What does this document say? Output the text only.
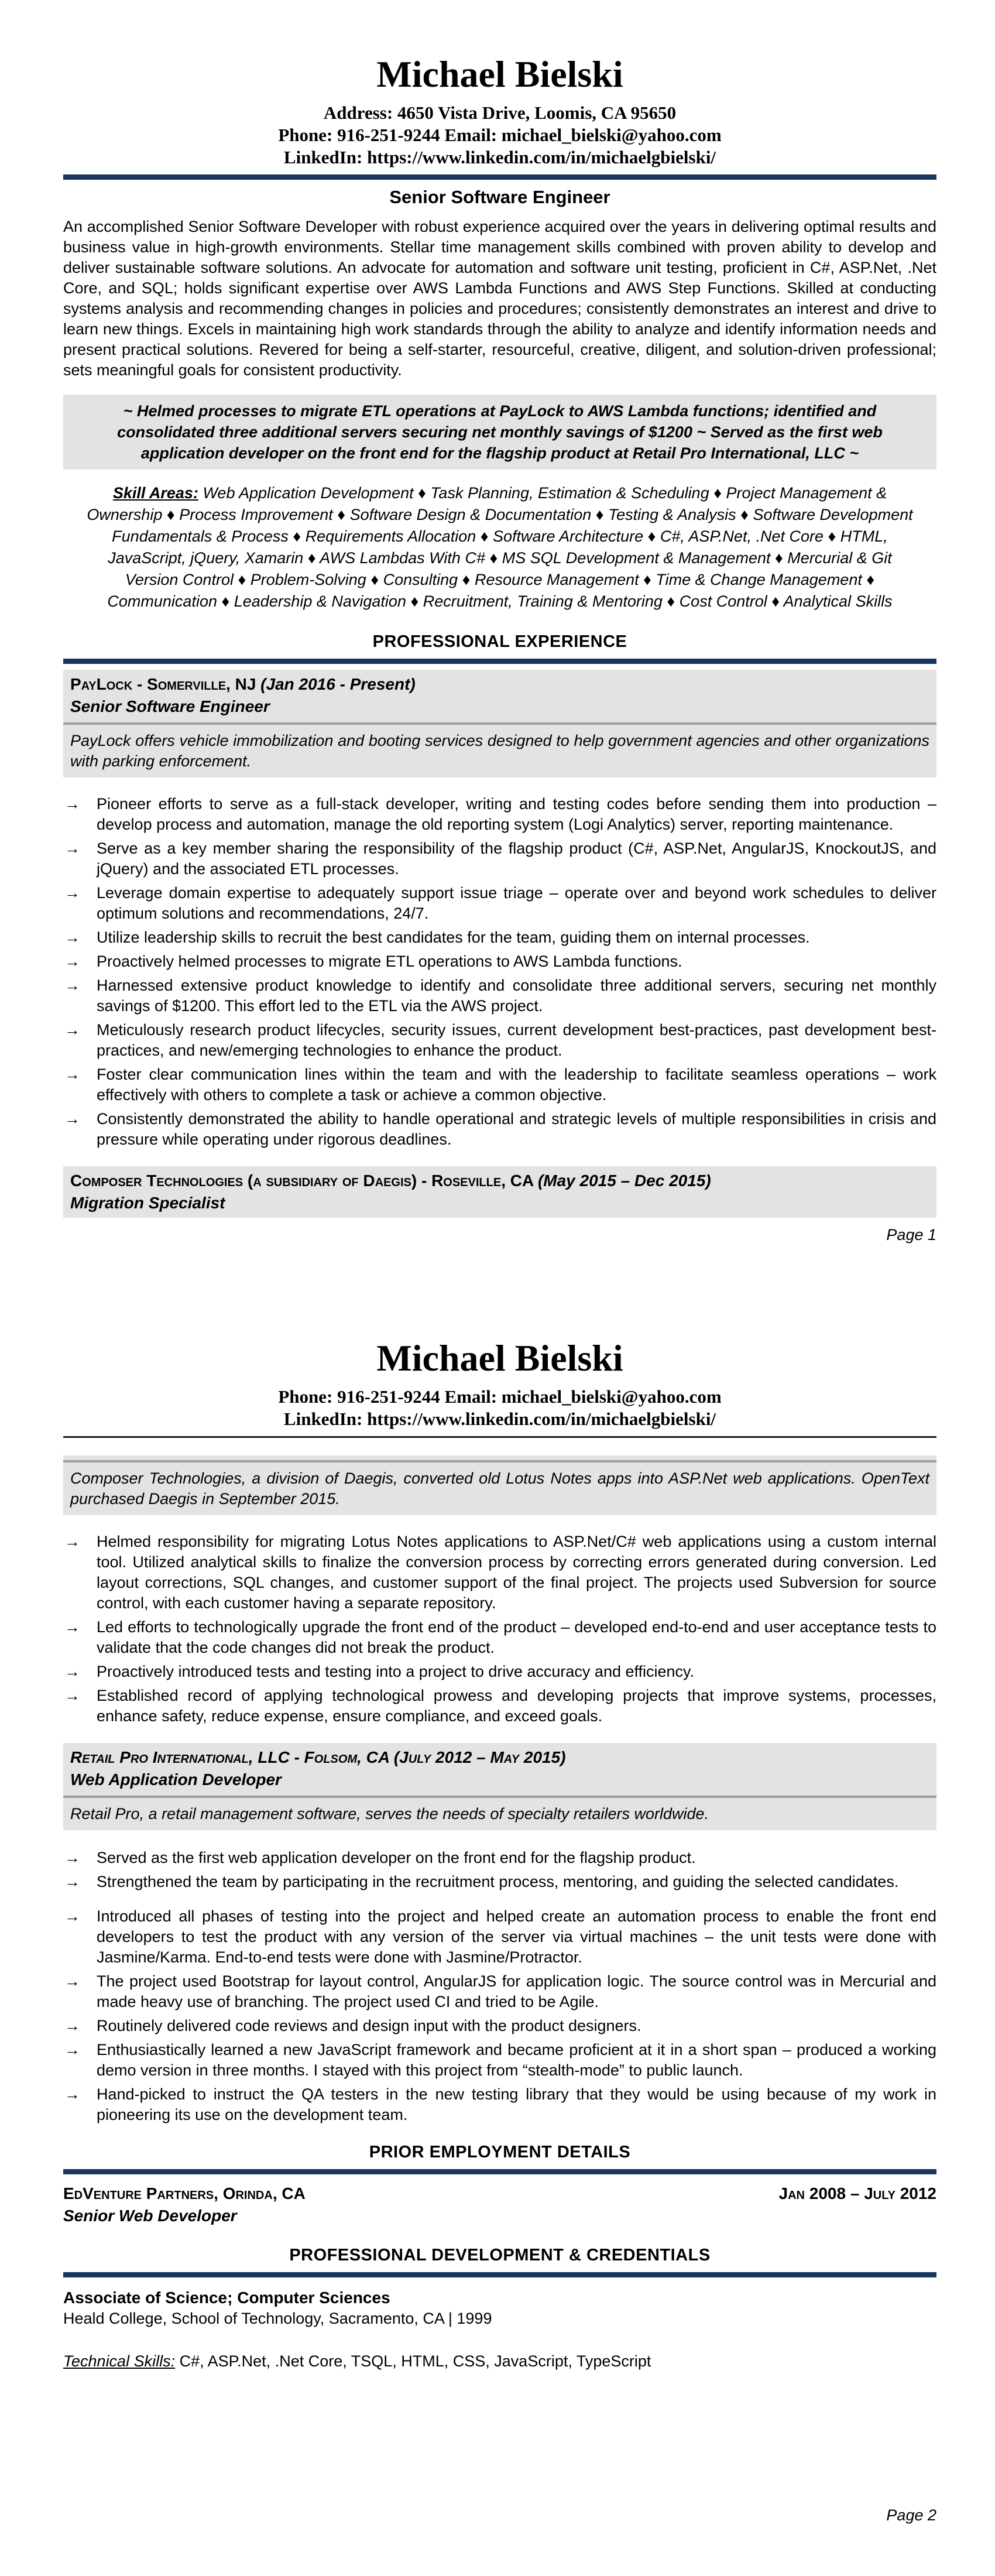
Michael Bielski
Address: 4650 Vista Drive, Loomis, CA 95650
Phone: 916-251-9244 Email: michael_bielski@yahoo.com
LinkedIn: https://www.linkedin.com/in/michaelgbielski/
Senior Software Engineer
An accomplished Senior Software Developer with robust experience acquired over the years in delivering optimal results and business value in high-growth environments. Stellar time management skills combined with proven ability to develop and deliver sustainable software solutions. An advocate for automation and software unit testing, proficient in C#, ASP.Net, .Net Core, and SQL; holds significant expertise over AWS Lambda Functions and AWS Step Functions. Skilled at conducting systems analysis and recommending changes in policies and procedures; consistently demonstrates an interest and drive to learn new things. Excels in maintaining high work standards through the ability to analyze and identify information needs and present practical solutions. Revered for being a self-starter, resourceful, creative, diligent, and solution-driven professional; sets meaningful goals for consistent productivity.
~ Helmed processes to migrate ETL operations at PayLock to AWS Lambda functions; identified and consolidated three additional servers securing net monthly savings of $1200 ~ Served as the first web application developer on the front end for the flagship product at Retail Pro International, LLC ~
Skill Areas: Web Application Development ♦ Task Planning, Estimation & Scheduling ♦ Project Management & Ownership ♦ Process Improvement ♦ Software Design & Documentation ♦ Testing & Analysis ♦ Software Development Fundamentals & Process ♦ Requirements Allocation ♦ Software Architecture ♦ C#, ASP.Net, .Net Core ♦ HTML, JavaScript, jQuery, Xamarin ♦ AWS Lambdas With C# ♦ MS SQL Development & Management ♦ Mercurial & Git Version Control ♦ Problem-Solving ♦ Consulting ♦ Resource Management ♦ Time & Change Management ♦ Communication ♦ Leadership & Navigation ♦ Recruitment, Training & Mentoring ♦ Cost Control ♦ Analytical Skills
PROFESSIONAL EXPERIENCE
PayLock - Somerville, NJ (Jan 2016 - Present)
Senior Software Engineer
PayLock offers vehicle immobilization and booting services designed to help government agencies and other organizations with parking enforcement.
→ Pioneer efforts to serve as a full-stack developer, writing and testing codes before sending them into production – develop process and automation, manage the old reporting system (Logi Analytics) server, reporting maintenance.
→ Serve as a key member sharing the responsibility of the flagship product (C#, ASP.Net, AngularJS, KnockoutJS, and jQuery) and the associated ETL processes.
→ Leverage domain expertise to adequately support issue triage – operate over and beyond work schedules to deliver optimum solutions and recommendations, 24/7.
→ Utilize leadership skills to recruit the best candidates for the team, guiding them on internal processes.
→ Proactively helmed processes to migrate ETL operations to AWS Lambda functions.
→ Harnessed extensive product knowledge to identify and consolidate three additional servers, securing net monthly savings of $1200. This effort led to the ETL via the AWS project.
→ Meticulously research product lifecycles, security issues, current development best-practices, past development best-practices, and new/emerging technologies to enhance the product.
→ Foster clear communication lines within the team and with the leadership to facilitate seamless operations – work effectively with others to complete a task or achieve a common objective.
→ Consistently demonstrated the ability to handle operational and strategic levels of multiple responsibilities in crisis and pressure while operating under rigorous deadlines.
Composer Technologies (a subsidiary of Daegis) - Roseville, CA (May 2015 – Dec 2015)
Migration Specialist
Page 1
Michael Bielski
Phone: 916-251-9244 Email: michael_bielski@yahoo.com
LinkedIn: https://www.linkedin.com/in/michaelgbielski/
Composer Technologies, a division of Daegis, converted old Lotus Notes apps into ASP.Net web applications. OpenText purchased Daegis in September 2015.
→ Helmed responsibility for migrating Lotus Notes applications to ASP.Net/C# web applications using a custom internal tool. Utilized analytical skills to finalize the conversion process by correcting errors generated during conversion. Led layout corrections, SQL changes, and customer support of the final project. The projects used Subversion for source control, with each customer having a separate repository.
→ Led efforts to technologically upgrade the front end of the product – developed end-to-end and user acceptance tests to validate that the code changes did not break the product.
→ Proactively introduced tests and testing into a project to drive accuracy and efficiency.
→ Established record of applying technological prowess and developing projects that improve systems, processes, enhance safety, reduce expense, ensure compliance, and exceed goals.
Retail Pro International, LLC - Folsom, CA (July 2012 – May 2015)
Web Application Developer
Retail Pro, a retail management software, serves the needs of specialty retailers worldwide.
→ Served as the first web application developer on the front end for the flagship product.
→ Strengthened the team by participating in the recruitment process, mentoring, and guiding the selected candidates.
→ Introduced all phases of testing into the project and helped create an automation process to enable the front end developers to test the product with any version of the server via virtual machines – the unit tests were done with Jasmine/Karma. End-to-end tests were done with Jasmine/Protractor.
→ The project used Bootstrap for layout control, AngularJS for application logic. The source control was in Mercurial and made heavy use of branching. The project used CI and tried to be Agile.
→ Routinely delivered code reviews and design input with the product designers.
→ Enthusiastically learned a new JavaScript framework and became proficient at it in a short span – produced a working demo version in three months. I stayed with this project from “stealth-mode” to public launch.
→ Hand-picked to instruct the QA testers in the new testing library that they would be using because of my work in pioneering its use on the development team.
PRIOR EMPLOYMENT DETAILS
EdVenture Partners, Orinda, CA	Jan 2008 – July 2012
Senior Web Developer
PROFESSIONAL DEVELOPMENT & CREDENTIALS
Associate of Science; Computer Sciences
Heald College, School of Technology, Sacramento, CA | 1999
Technical Skills: C#, ASP.Net, .Net Core, TSQL, HTML, CSS, JavaScript, TypeScript
Page 2
